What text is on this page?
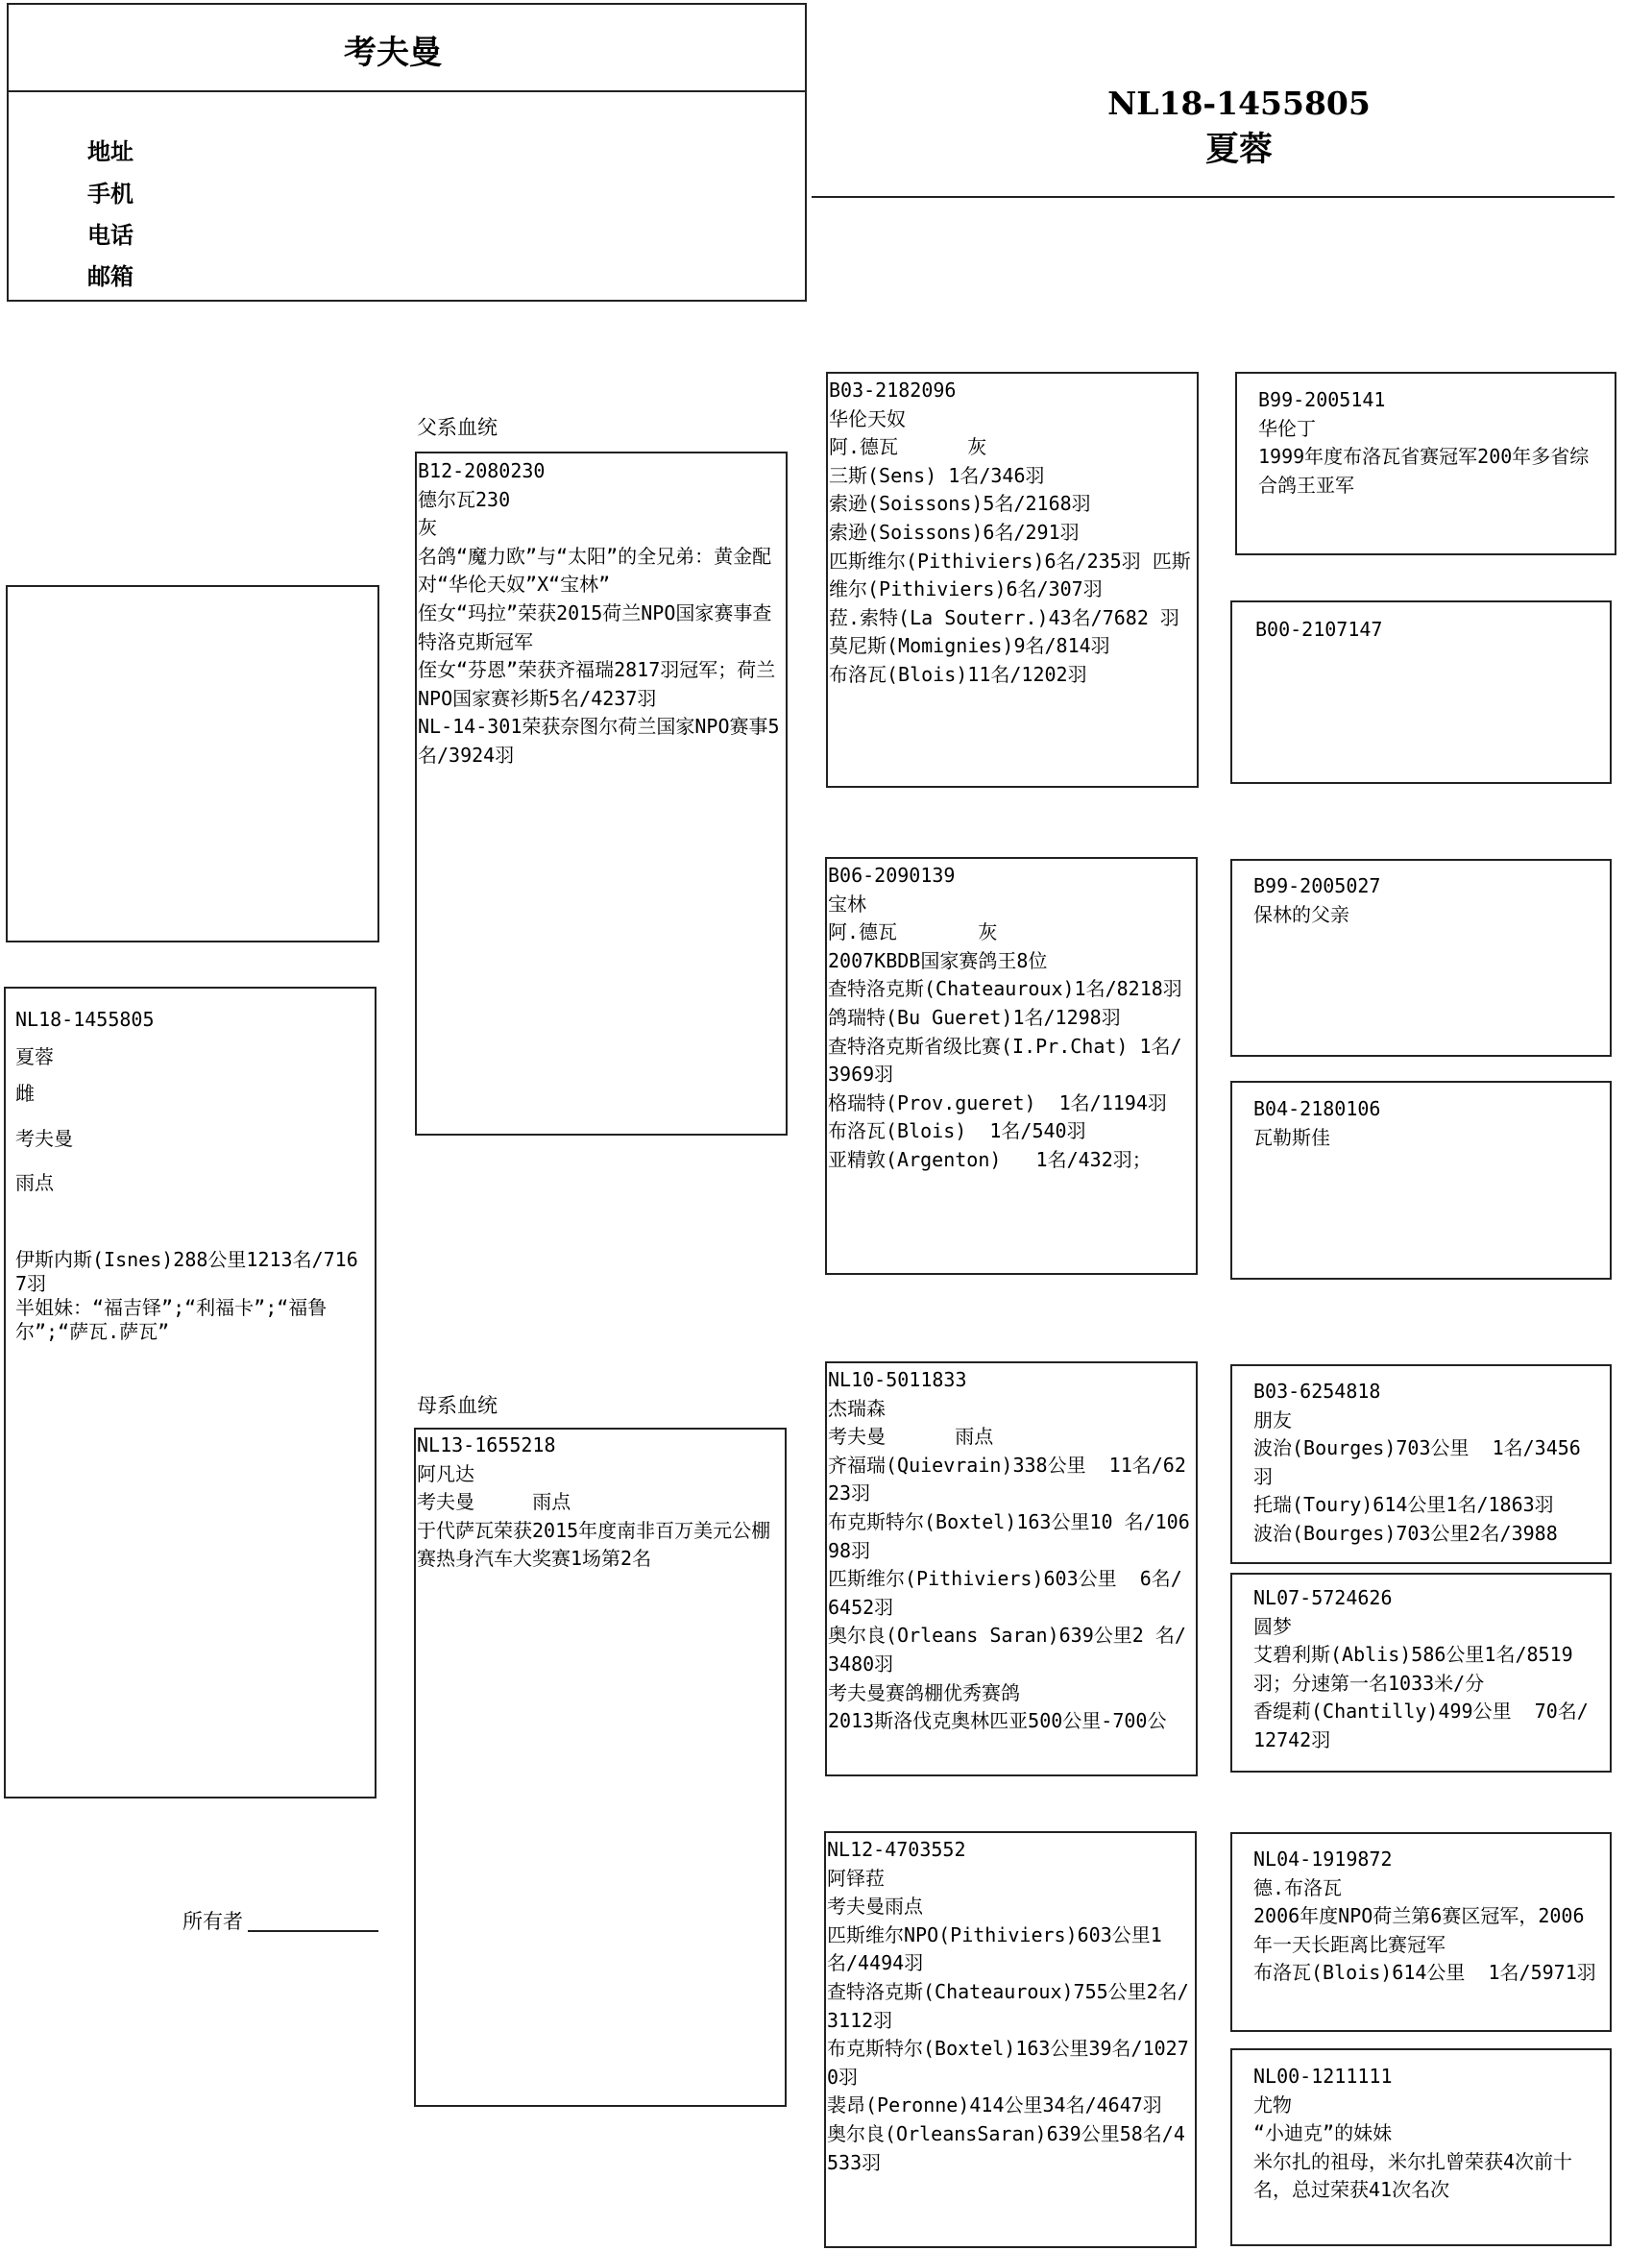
考夫曼
地址
手机
电话
邮箱
NL18-1455805
夏蓉
NL18-1455805
夏蓉
雌
考夫曼
雨点
伊斯内斯(Isnes)288公里1213名/7167羽
半姐妹：“福吉铎”;“利福卡”;“福鲁尔”;“萨瓦.萨瓦”
所有者
父系血统
母系血统
B12-2080230
德尔瓦230
灰
名鸽“魔力欧”与“太阳”的全兄弟：黄金配对“华伦天奴”X“宝林”
侄女“玛拉”荣获2015荷兰NPO国家赛事查特洛克斯冠军
侄女“芬恩”荣获齐福瑞2817羽冠军；荷兰NPO国家赛衫斯5名/4237羽
NL-14-301荣获奈图尔荷兰国家NPO赛事5名/3924羽
NL13-1655218
阿凡达
考夫曼     雨点
于代萨瓦荣获2015年度南非百万美元公棚赛热身汽车大奖赛1场第2名
B03-2182096
华伦天奴
阿.德瓦      灰
三斯(Sens) 1名/346羽
索逊(Soissons)5名/2168羽
索逊(Soissons)6名/291羽
匹斯维尔(Pithiviers)6名/235羽 匹斯维尔(Pithiviers)6名/307羽
菈.索特(La Souterr.)43名/7682 羽
莫尼斯(Momignies)9名/814羽
布洛瓦(Blois)11名/1202羽
B06-2090139
宝林
阿.德瓦       灰
2007KBDB国家赛鸽王8位
查特洛克斯(Chateauroux)1名/8218羽
鸽瑞特(Bu Gueret)1名/1298羽
查特洛克斯省级比赛(I.Pr.Chat) 1名/3969羽
格瑞特(Prov.gueret)  1名/1194羽
布洛瓦(Blois)  1名/540羽
亚精敦(Argenton)   1名/432羽；
NL10-5011833
杰瑞森
考夫曼      雨点
齐福瑞(Quievrain)338公里  11名/6223羽
布克斯特尔(Boxtel)163公里10 名/10698羽
匹斯维尔(Pithiviers)603公里  6名/6452羽
奥尔良(Orleans Saran)639公里2 名/3480羽
考夫曼赛鸽棚优秀赛鸽
2013斯洛伐克奥林匹亚500公里-700公
NL12-4703552
阿铎菈
考夫曼雨点
匹斯维尔NPO(Pithiviers)603公里1名/4494羽
查特洛克斯(Chateauroux)755公里2名/3112羽
布克斯特尔(Boxtel)163公里39名/10270羽
裴昂(Peronne)414公里34名/4647羽
奥尔良(OrleansSaran)639公里58名/4533羽
B99-2005141
华伦丁
1999年度布洛瓦省赛冠军200年多省综合鸽王亚军
B00-2107147
B99-2005027
保林的父亲
B04-2180106
瓦勒斯佳
B03-6254818
朋友
波治(Bourges)703公里  1名/3456羽
托瑞(Toury)614公里1名/1863羽
波治(Bourges)703公里2名/3988
NL07-5724626
圆梦
艾碧利斯(Ablis)586公里1名/8519羽；分速第一名1033米/分
香缇莉(Chantilly)499公里  70名/12742羽
NL04-1919872
德.布洛瓦
2006年度NPO荷兰第6赛区冠军，2006年一天长距离比赛冠军
布洛瓦(Blois)614公里  1名/5971羽
NL00-1211111
尤物
“小迪克”的妹妹
米尔扎的祖母，米尔扎曾荣获4次前十名，总过荣获41次名次
